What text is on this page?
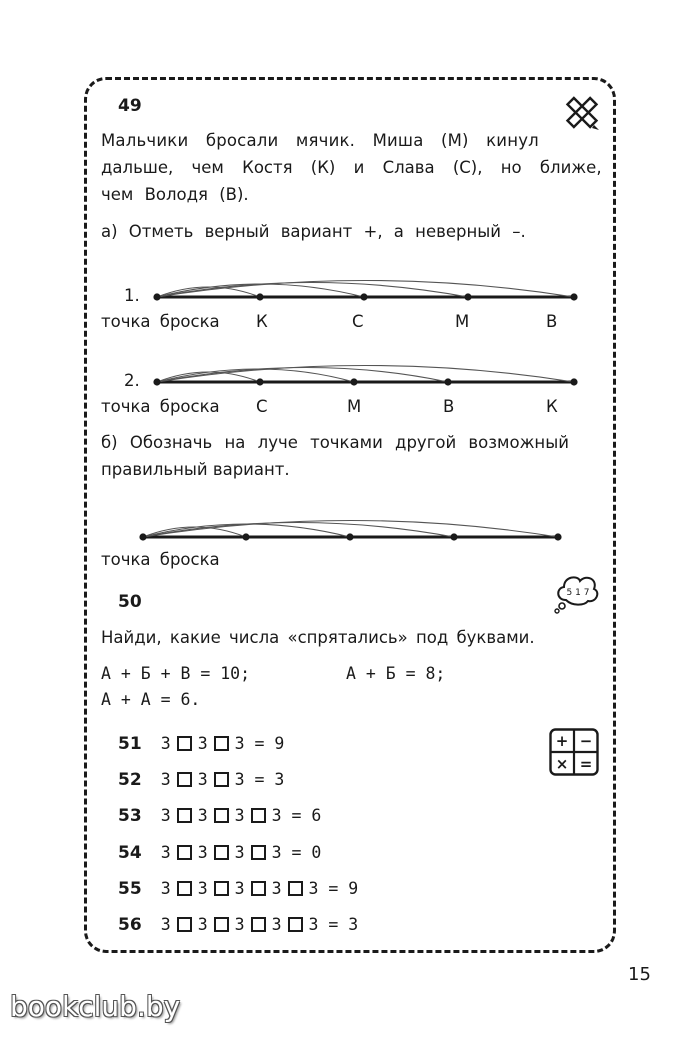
49
Мальчики бросали мячик. Миша (М) кинул
дальше, чем Костя (К) и Слава (С), но ближе,
чем Володя (В).
а) Отметь верный вариант +, а неверный –.
1.
точка броска К	С	М	В
2.
точка броска С	М	В	К
б) Обозначь на луче точками другой возможный
правильный вариант.
точка броска
50	5 1 7
Найди, какие числа «спрятались» под буквами.
А + Б + В = 10;	А + Б = 8;
А + А = 6.
+ −
× =
51 3 3 3 = 9
52 3 3 3 = 3
53 3 3 3 3 = 6
54 3 3 3 3 = 0
55 3 3 3 3 3 = 9
56 3 3 3 3 3 = 3
15
bookclub.by
